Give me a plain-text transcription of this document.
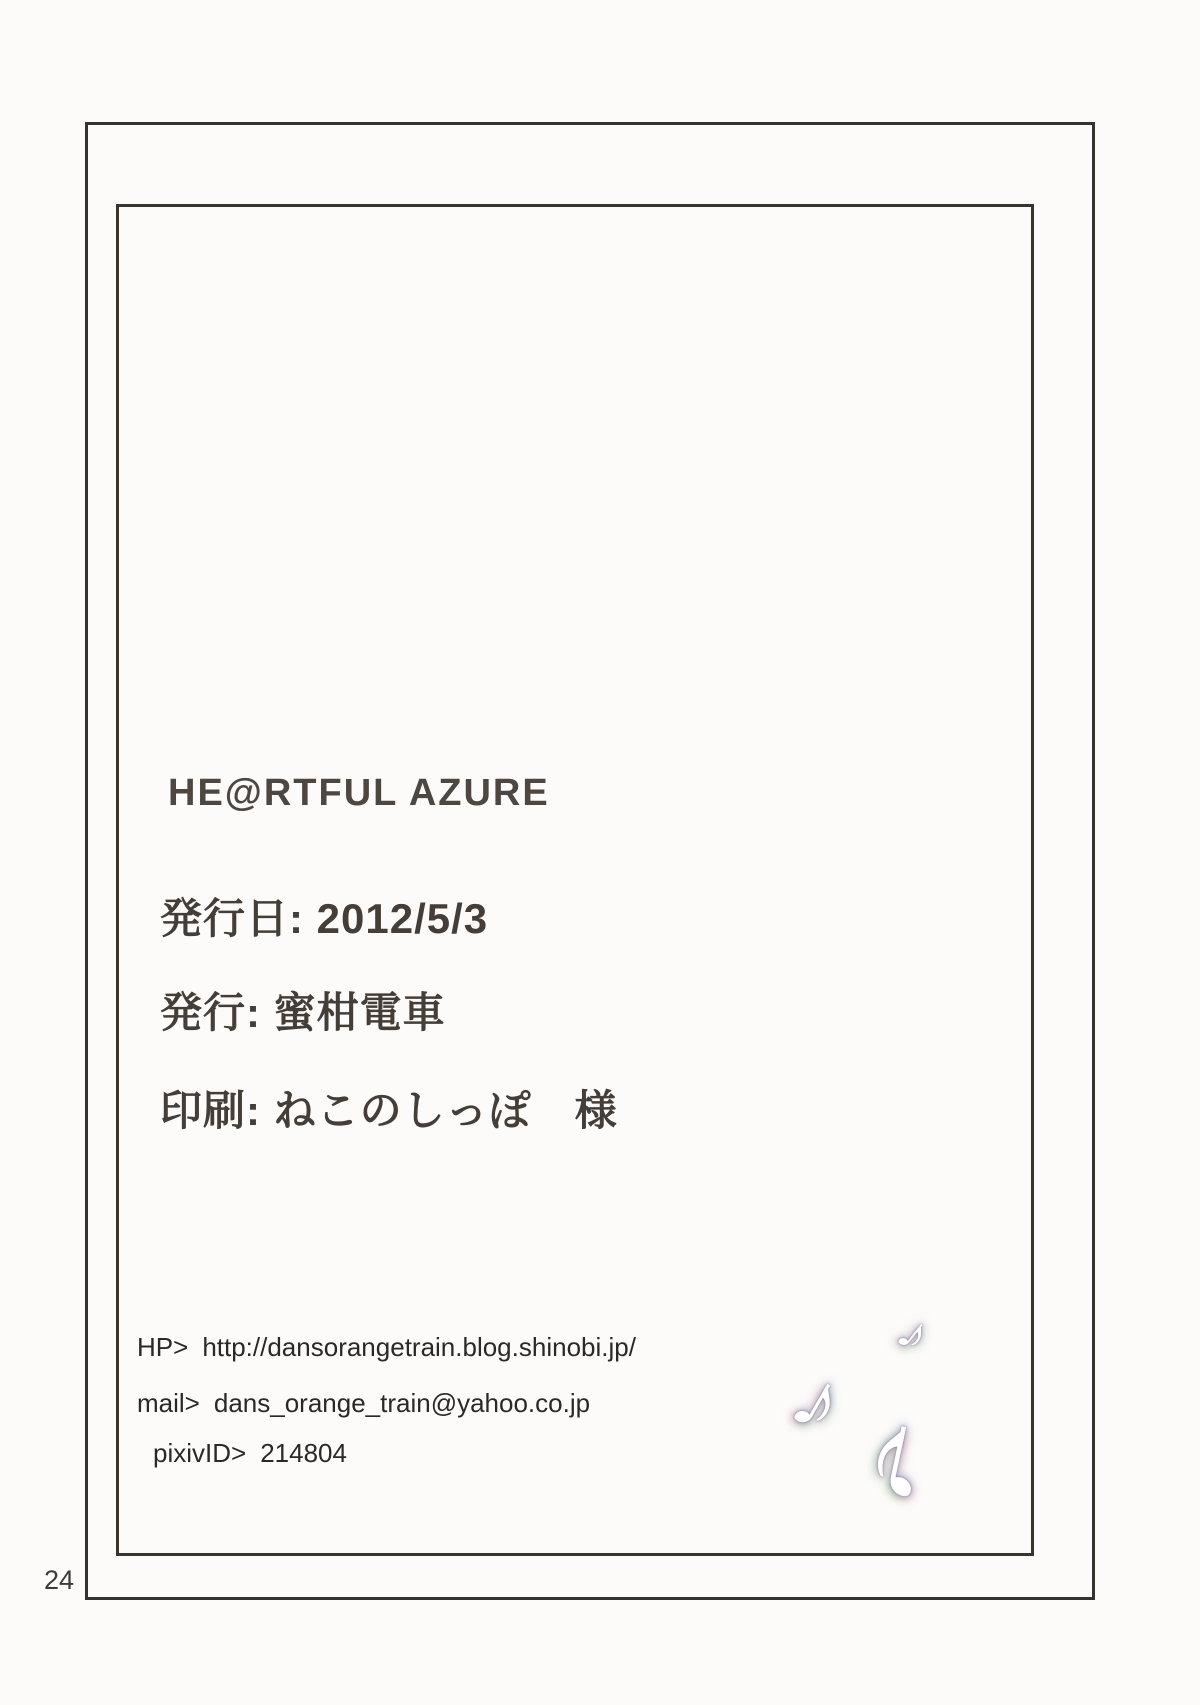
HE@RTFUL AZURE
発行日: 2012/5/3
発行: 蜜柑電車
印刷: ねこのしっぽ　様
HP> http://dansorangetrain.blog.shinobi.jp/
mail> dans_orange_train@yahoo.co.jp
pixivID> 214804
♪
♪
♪
24
